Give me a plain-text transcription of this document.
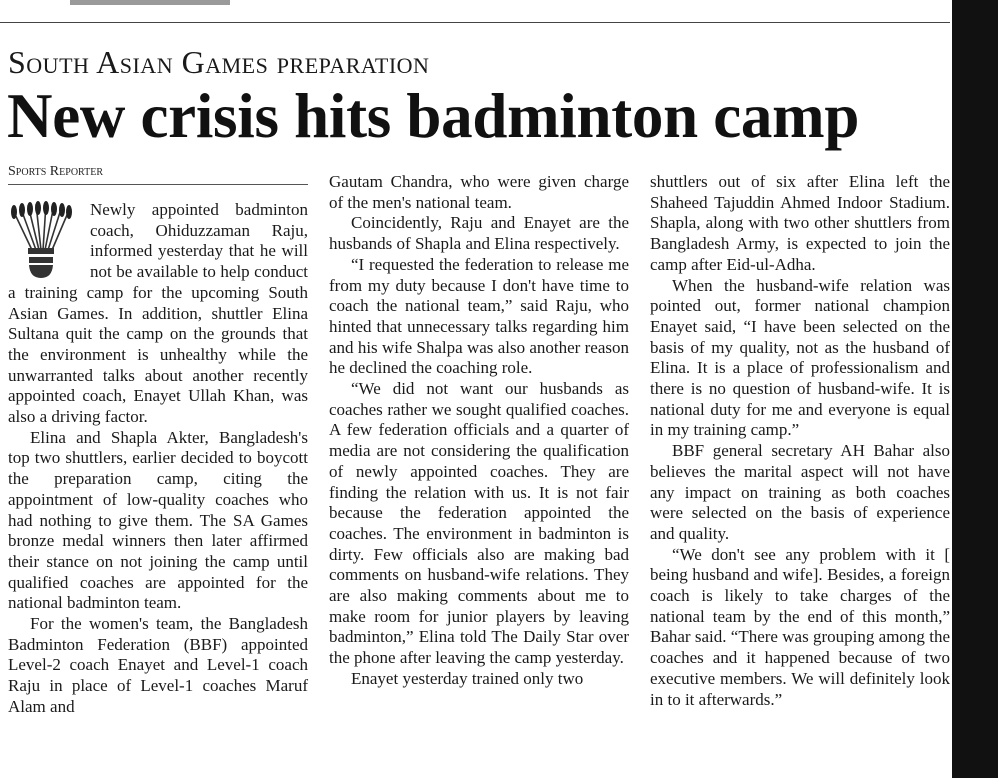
South Asian Games preparation
New crisis hits badminton camp
Sports Reporter

Newly appointed badminton coach, Ohiduzzaman Raju, informed yesterday that he will not be available to help conduct a training camp for the upcoming South Asian Games. In addition, shuttler Elina Sultana quit the camp on the grounds that the environment is unhealthy while the unwarranted talks about another recently appointed coach, Enayet Ullah Khan, was also a driving factor.

Elina and Shapla Akter, Bangladesh's top two shuttlers, earlier decided to boycott the preparation camp, citing the appointment of low-quality coaches who had nothing to give them. The SA Games bronze medal winners then later affirmed their stance on not joining the camp until qualified coaches are appointed for the national badminton team.

For the women's team, the Bangladesh Badminton Federation (BBF) appointed Level-2 coach Enayet and Level-1 coach Raju in place of Level-1 coaches Maruf Alam and

Gautam Chandra, who were given charge of the men's national team.

Coincidently, Raju and Enayet are the husbands of Shapla and Elina respectively.

“I requested the federation to release me from my duty because I don't have time to coach the national team,” said Raju, who hinted that unnecessary talks regarding him and his wife Shalpa was also another reason he declined the coaching role.

“We did not want our husbands as coaches rather we sought qualified coaches. A few federation officials and a quarter of media are not considering the qualification of newly appointed coaches. They are finding the relation with us. It is not fair because the federation appointed the coaches. The environment in badminton is dirty. Few officials also are making bad comments on husband-wife relations. They are also making comments about me to make room for junior players by leaving badminton,” Elina told The Daily Star over the phone after leaving the camp yesterday.

Enayet yesterday trained only two

shuttlers out of six after Elina left the Shaheed Tajuddin Ahmed Indoor Stadium. Shapla, along with two other shuttlers from Bangladesh Army, is expected to join the camp after Eid-ul-Adha.

When the husband-wife relation was pointed out, former national champion Enayet said, “I have been selected on the basis of my quality, not as the husband of Elina. It is a place of professionalism and there is no question of husband-wife. It is national duty for me and everyone is equal in my training camp.”

BBF general secretary AH Bahar also believes the marital aspect will not have any impact on training as both coaches were selected on the basis of experience and quality.

“We don't see any problem with it [ being husband and wife]. Besides, a foreign coach is likely to take charges of the national team by the end of this month,” Bahar said. “There was grouping among the coaches and it happened because of two executive members. We will definitely look in to it afterwards.”
